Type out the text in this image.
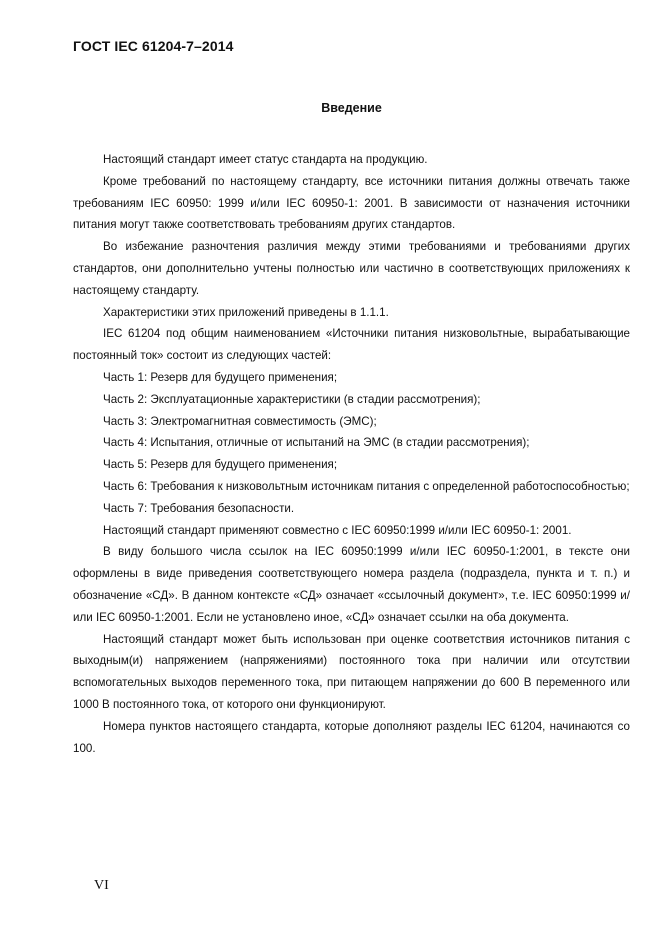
ГОСТ IEC 61204-7–2014
Введение

Настоящий стандарт имеет статус стандарта на продукцию.

Кроме требований по настоящему стандарту, все источники питания должны отвечать также требованиям IEC 60950: 1999 и/или IEC 60950-1: 2001. В зависимости от назначения источники питания могут также соответствовать требованиям других стандартов.

Во избежание разночтения различия между этими требованиями и требованиями других стандартов, они дополнительно учтены полностью или частично в соответствующих приложениях к настоящему стандарту.

Характеристики этих приложений приведены в 1.1.1.

IEC 61204 под общим наименованием «Источники питания низковольтные, вырабатывающие постоянный ток» состоит из следующих частей:

Часть 1: Резерв для будущего применения;

Часть 2: Эксплуатационные характеристики (в стадии рассмотрения);

Часть 3: Электромагнитная совместимость (ЭМС);

Часть 4: Испытания, отличные от испытаний на ЭМС (в стадии рассмотрения);

Часть 5: Резерв для будущего применения;

Часть 6: Требования к низковольтным источникам питания с определенной работоспособностью;

Часть 7: Требования безопасности.

Настоящий стандарт применяют совместно с IEC 60950:1999 и/или IEC 60950-1: 2001.

В виду большого числа ссылок на IEC 60950:1999 и/или IEC 60950-1:2001, в тексте они оформлены в виде приведения соответствующего номера раздела (подраздела, пункта и т. п.) и обозначение «СД». В данном контексте «СД» означает «ссылочный документ», т.е. IEC 60950:1999 и/или IEC 60950-1:2001. Если не установлено иное, «СД» означает ссылки на оба документа.

Настоящий стандарт может быть использован при оценке соответствия источников питания с выходным(и) напряжением (напряжениями) постоянного тока при наличии или отсутствии вспомогательных выходов переменного тока, при питающем напряжении до 600 В переменного или 1000 В постоянного тока, от которого они функционируют.

Номера пунктов настоящего стандарта, которые дополняют разделы IEC 61204, начинаются со 100.

VI
